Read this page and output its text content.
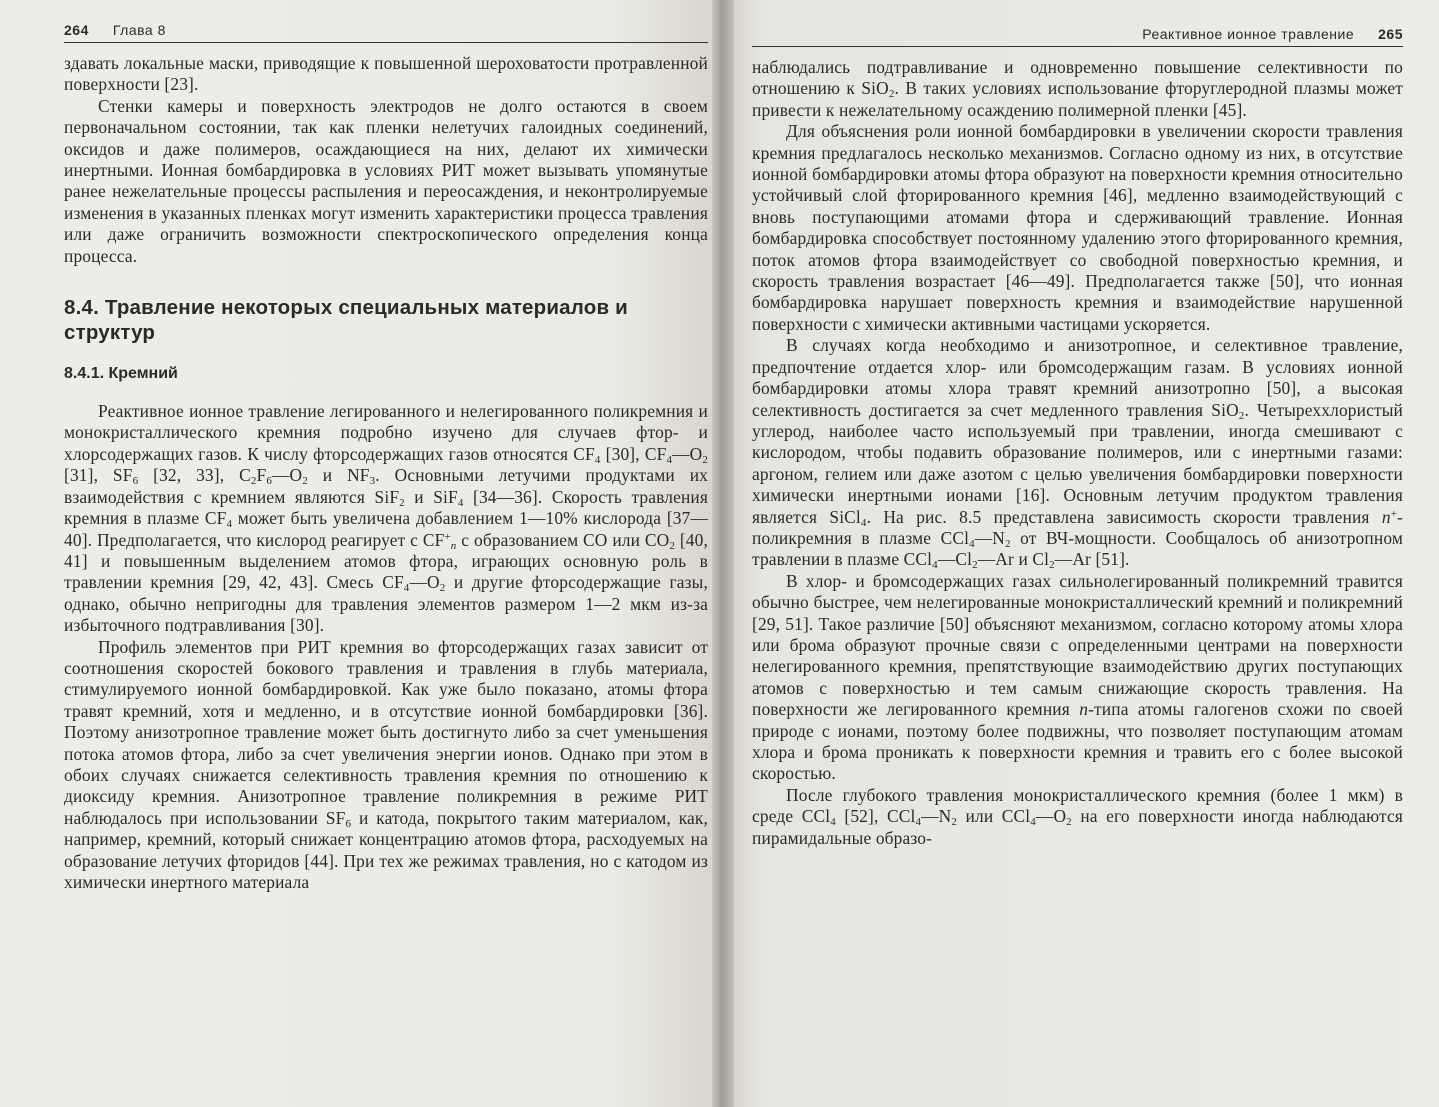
264 Глава 8

здавать локальные маски, приводящие к повышенной шероховатости протравленной поверхности [23].

Стенки камеры и поверхность электродов не долго остаются в своем первоначальном состоянии, так как пленки нелетучих галоидных соединений, оксидов и даже полимеров, осаждающиеся на них, делают их химически инертными. Ионная бомбардировка в условиях РИТ может вызывать упомянутые ранее нежелательные процессы распыления и переосаждения, и неконтролируемые изменения в указанных пленках могут изменить характеристики процесса травления или даже ограничить возможности спектроскопического определения конца процесса.

8.4. Травление некоторых специальных материалов и структур
8.4.1. Кремний

Реактивное ионное травление легированного и нелегированного поликремния и монокристаллического кремния подробно изучено для случаев фтор- и хлорсодержащих газов. К числу фторсодержащих газов относятся $CF_4$ [30], $CF_4—O_2$ [31], $SF_6$ [32, 33], $C_2F_6—O_2$ и $NF_3$. Основными летучими продуктами их взаимодействия с кремнием являются SiF$_2$ и SiF$_4$ [34—36]. Скорость травления кремния в плазме $CF_4$ может быть увеличена добавлением 1—10% кислорода [37—40]. Предполагается, что кислород реагирует с $CF^+_n$ с образованием CO или $CO_2$ [40, 41] и повышенным выделением атомов фтора, играющих основную роль в травлении кремния [29, 42, 43]. Смесь $CF_4—O_2$ и другие фторсодержащие газы, однако, обычно непригодны для травления элементов размером 1—2 мкм из-за избыточного подтравливания [30].

Профиль элементов при РИТ кремния во фторсодержащих газах зависит от соотношения скоростей бокового травления и травления в глубь материала, стимулируемого ионной бомбардировкой. Как уже было показано, атомы фтора травят кремний, хотя и медленно, и в отсутствие ионной бомбардировки [36]. Поэтому анизотропное травление может быть достигнуто либо за счет уменьшения потока атомов фтора, либо за счет увеличения энергии ионов. Однако при этом в обоих случаях снижается селективность травления кремния по отношению к диоксиду кремния. Анизотропное травление поликремния в режиме РИТ наблюдалось при использовании $SF_6$ и катода, покрытого таким материалом, как, например, кремний, который снижает концентрацию атомов фтора, расходуемых на образование летучих фторидов [44]. При тех же режимах травления, но с катодом из химически инертного материала

Реактивное ионное травление 265

наблюдались подтравливание и одновременно повышение селективности по отношению к SiO$_2$. В таких условиях использование фторуглеродной плазмы может привести к нежелательному осаждению полимерной пленки [45].

Для объяснения роли ионной бомбардировки в увеличении скорости травления кремния предлагалось несколько механизмов. Согласно одному из них, в отсутствие ионной бомбардировки атомы фтора образуют на поверхности кремния относительно устойчивый слой фторированного кремния [46], медленно взаимодействующий с вновь поступающими атомами фтора и сдерживающий травление. Ионная бомбардировка способствует постоянному удалению этого фторированного кремния, поток атомов фтора взаимодействует со свободной поверхностью кремния, и скорость травления возрастает [46—49]. Предполагается также [50], что ионная бомбардировка нарушает поверхность кремния и взаимодействие нарушенной поверхности с химически активными частицами ускоряется.

В случаях когда необходимо и анизотропное, и селективное травление, предпочтение отдается хлор- или бромсодержащим газам. В условиях ионной бомбардировки атомы хлора травят кремний анизотропно [50], а высокая селективность достигается за счет медленного травления SiO$_2$. Четыреххлористый углерод, наиболее часто используемый при травлении, иногда смешивают с кислородом, чтобы подавить образование полимеров, или с инертными газами: аргоном, гелием или даже азотом с целью увеличения бомбардировки поверхности химически инертными ионами [16]. Основным летучим продуктом травления является SiCl$_4$. На рис. 8.5 представлена зависимость скорости травления n+-поликремния в плазме $CCl_4—N_2$ от ВЧ-мощности. Сообщалось об анизотропном травлении в плазме $CCl_4—Cl_2—Ar$ и $Cl_2—Ar$ [51].

В хлор- и бромсодержащих газах сильнолегированный поликремний травится обычно быстрее, чем нелегированные монокристаллический кремний и поликремний [29, 51]. Такое различие [50] объясняют механизмом, согласно которому атомы хлора или брома образуют прочные связи с определенными центрами на поверхности нелегированного кремния, препятствующие взаимодействию других поступающих атомов с поверхностью и тем самым снижающие скорость травления. На поверхности же легированного кремния n-типа атомы галогенов схожи по своей природе с ионами, поэтому более подвижны, что позволяет поступающим атомам хлора и брома проникать к поверхности кремния и травить его с более высокой скоростью.

После глубокого травления монокристаллического кремния (более 1 мкм) в среде CCl$_4$ [52], $CCl_4—N_2$ или $CCl_4—O_2$ на его поверхности иногда наблюдаются пирамидальные образо-
